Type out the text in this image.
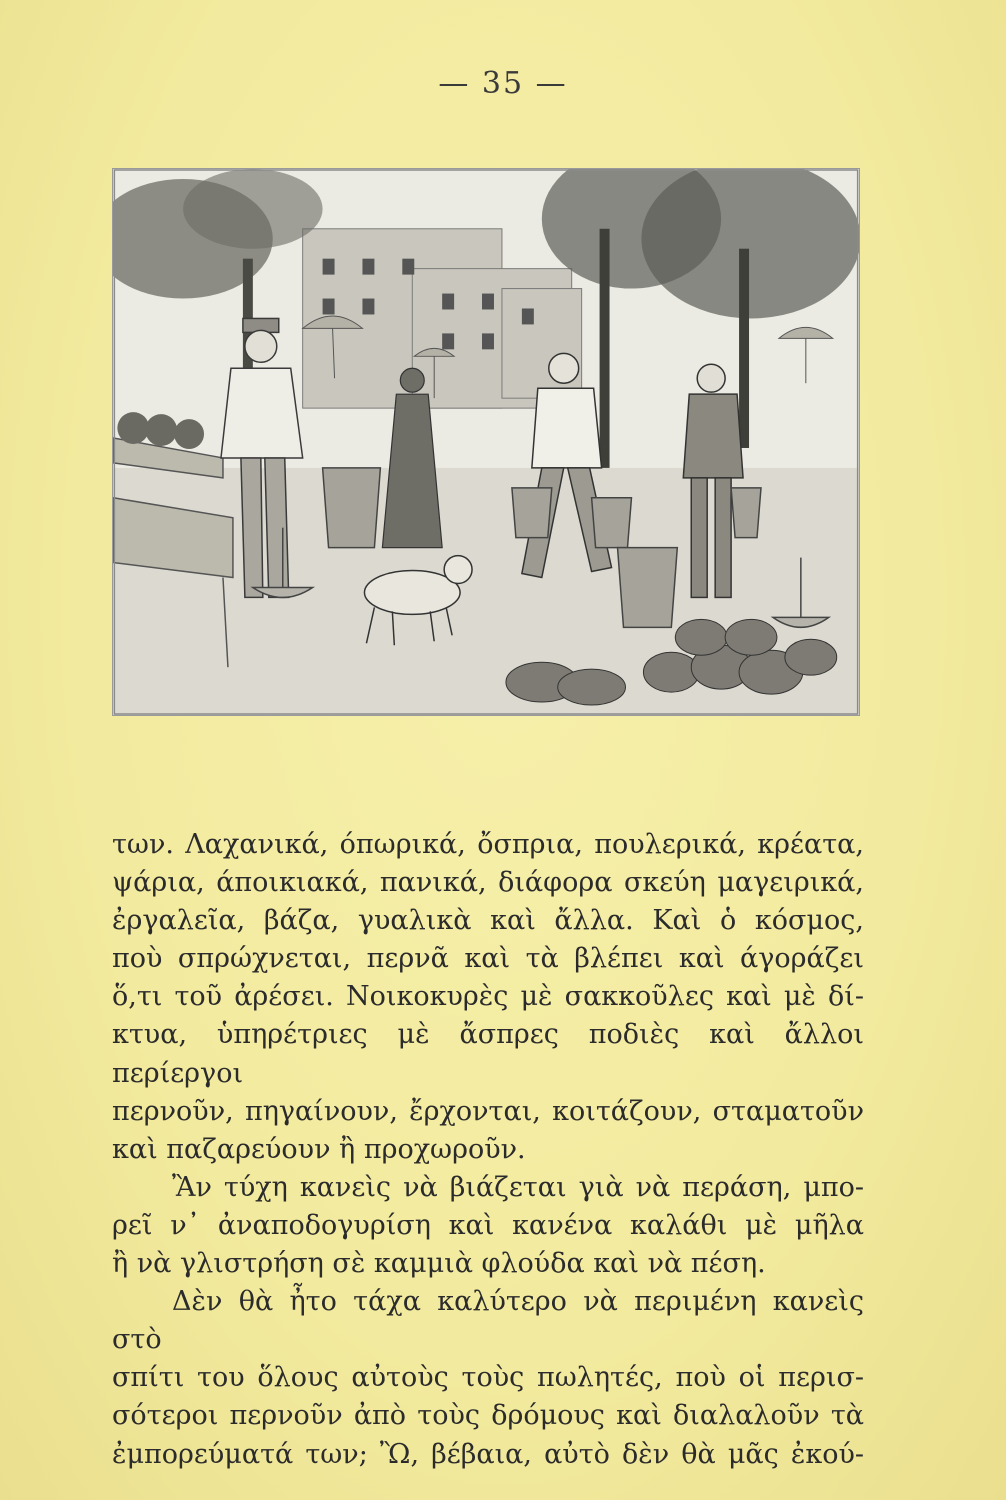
— 35 —

των. Λαχανικά, όπωρικά, ὄσπρια, πουλερικά, κρέατα,
ψάρια, άποικιακά, πανικά, διάφορα σκεύη μαγειρικά,
ἐργαλεῖα, βάζα, γυαλικὰ καὶ ἄλλα. Καὶ ὁ κόσμος,
ποὺ σπρώχνεται, περνᾶ καὶ τὰ βλέπει καὶ άγοράζει
ὅ,τι τοῦ ἀρέσει. Νοικοκυρὲς μὲ σακκοῦλες καὶ μὲ δί-
κτυα, ὑπηρέτριες μὲ ἄσπρες ποδιὲς καὶ ἄλλοι περίεργοι
περνοῦν, πηγαίνουν, ἔρχονται, κοιτάζουν, σταματοῦν

καὶ παζαρεύουν ἢ προχωροῦν.

Ἂν τύχη κανεὶς νὰ βιάζεται γιὰ νὰ περάση, μπο-
ρεῖ ν᾿ ἀναποδογυρίση καὶ κανένα καλάθι μὲ μῆλα

ἢ νὰ γλιστρήση σὲ καμμιὰ φλούδα καὶ νὰ πέση.

Δὲν θὰ ἦτο τάχα καλύτερο νὰ περιμένη κανεὶς στὸ
σπίτι του ὅλους αὐτοὺς τοὺς πωλητές, ποὺ οἱ περισ-
σότεροι περνοῦν ἀπὸ τοὺς δρόμους καὶ διαλαλοῦν τὰ
ἐμπορεύματά των; Ὢ, βέβαια, αὐτὸ δὲν θὰ μᾶς ἐκού-
